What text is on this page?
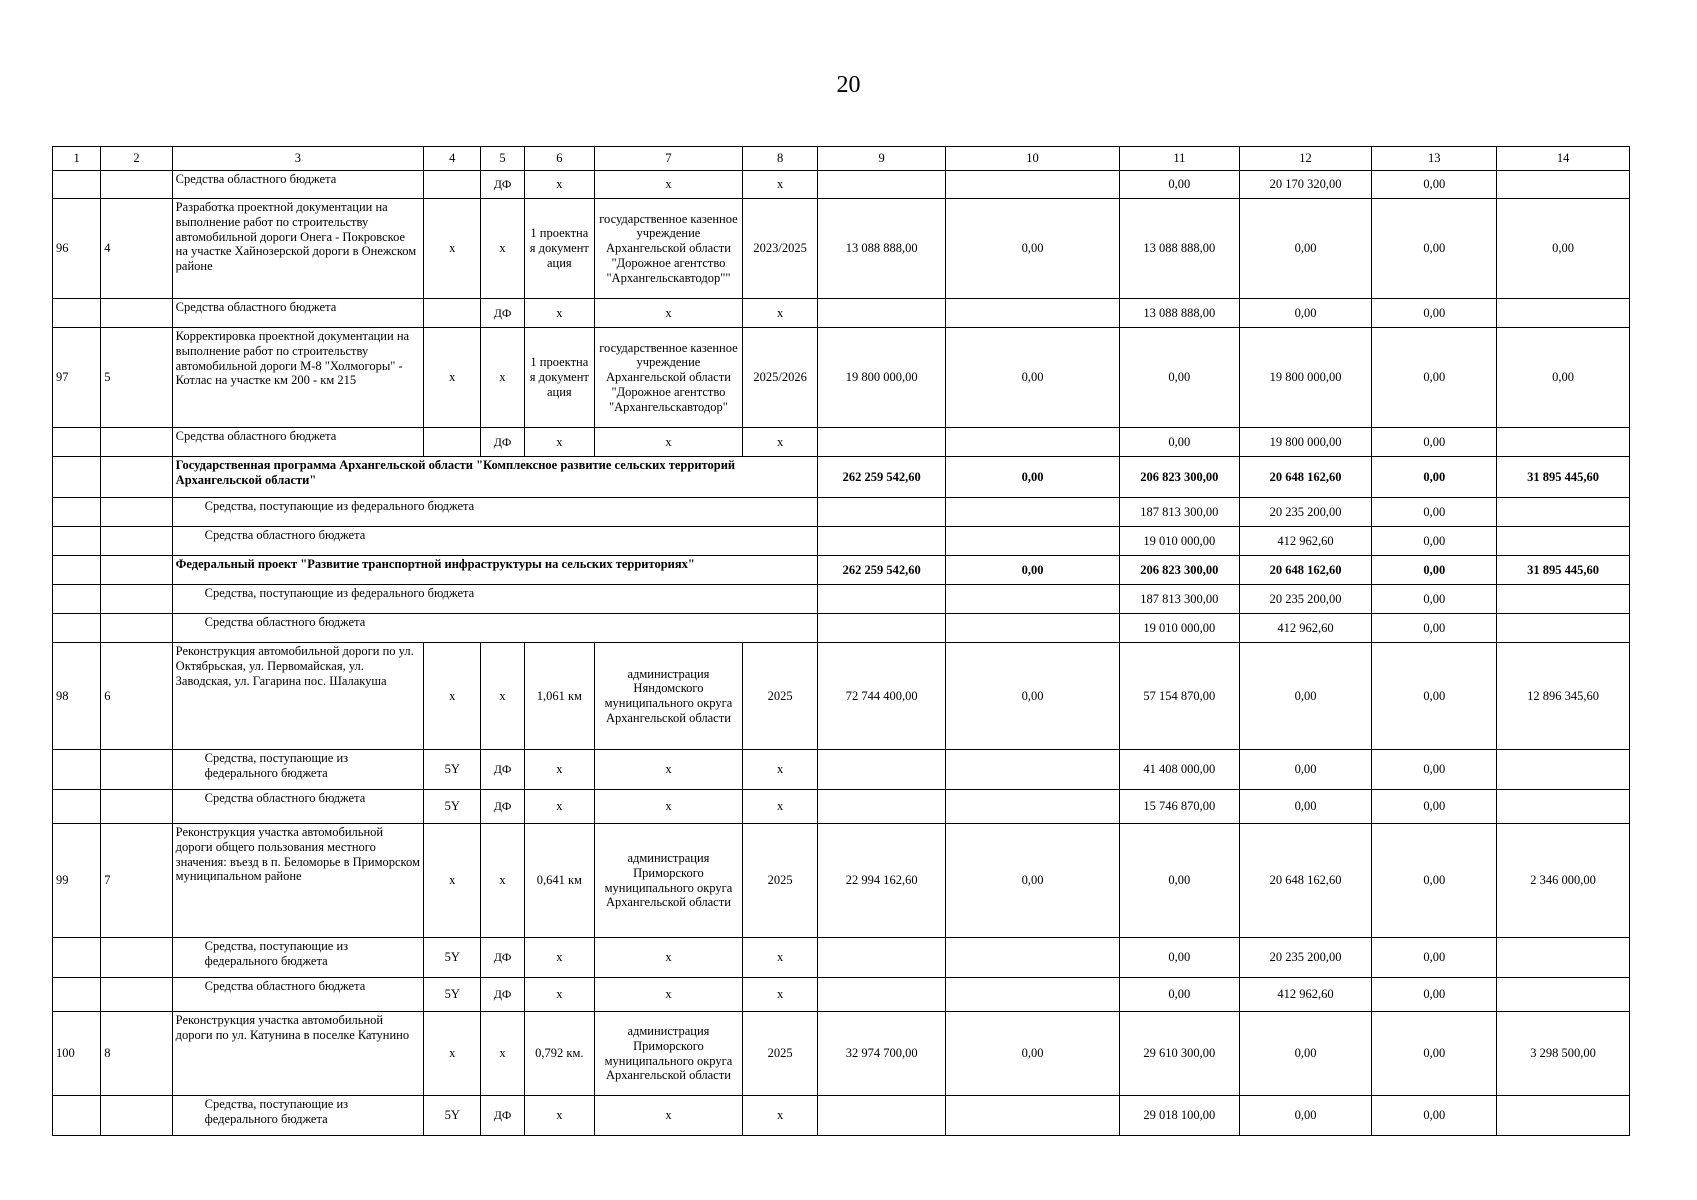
20
1	2	3	4	5	6	7	8	9	10	11	12	13	14
		Средства областного бюджета		ДФ	х	х	х			0,00	20 170 320,00	0,00	
96	4	Разработка проектной документации на выполнение работ по строительству автомобильной дороги Онега - Покровское на участке Хайнозерской дороги в Онежском районе	х	х	1 проектна я документ ация	государственное казенное учреждение Архангельской области "Дорожное агентство "Архангельскавтодор""	2023/2025	13 088 888,00	0,00	13 088 888,00	0,00	0,00	0,00
		Средства областного бюджета		ДФ	х	х	х			13 088 888,00	0,00	0,00	
97	5	Корректировка проектной документации на выполнение работ по строительству автомобильной дороги М-8 "Холмогоры" - Котлас на участке км 200 - км 215	х	х	1 проектна я документ ация	государственное казенное учреждение Архангельской области "Дорожное агентство "Архангельскавтодор"	2025/2026	19 800 000,00	0,00	0,00	19 800 000,00	0,00	0,00
		Средства областного бюджета		ДФ	х	х	х			0,00	19 800 000,00	0,00	
		Государственная программа Архангельской области "Комплексное развитие сельских территорий Архангельской области"						262 259 542,60	0,00	206 823 300,00	20 648 162,60	0,00	31 895 445,60
		Средства, поступающие из федерального бюджета								187 813 300,00	20 235 200,00	0,00	
		Средства областного бюджета								19 010 000,00	412 962,60	0,00	
		Федеральный проект "Развитие транспортной инфраструктуры на сельских территориях"						262 259 542,60	0,00	206 823 300,00	20 648 162,60	0,00	31 895 445,60
		Средства, поступающие из федерального бюджета								187 813 300,00	20 235 200,00	0,00	
		Средства областного бюджета								19 010 000,00	412 962,60	0,00	
98	6	Реконструкция автомобильной дороги по ул. Октябрьская, ул. Первомайская, ул. Заводская, ул. Гагарина пос. Шалакуша	х	х	1,061 км	администрация Няндомского муниципального округа Архангельской области	2025	72 744 400,00	0,00	57 154 870,00	0,00	0,00	12 896 345,60
		Средства, поступающие из федерального бюджета	5Y	ДФ	х	х	х			41 408 000,00	0,00	0,00	
		Средства областного бюджета	5Y	ДФ	х	х	х			15 746 870,00	0,00	0,00	
99	7	Реконструкция участка автомобильной дороги общего пользования местного значения: въезд в п. Беломорье в Приморском муниципальном районе	х	х	0,641 км	администрация Приморского муниципального округа Архангельской области	2025	22 994 162,60	0,00	0,00	20 648 162,60	0,00	2 346 000,00
		Средства, поступающие из федерального бюджета	5Y	ДФ	х	х	х			0,00	20 235 200,00	0,00	
		Средства областного бюджета	5Y	ДФ	х	х	х			0,00	412 962,60	0,00	
100	8	Реконструкция участка автомобильной дороги по ул. Катунина в поселке Катунино	х	х	0,792 км.	администрация Приморского муниципального округа Архангельской области	2025	32 974 700,00	0,00	29 610 300,00	0,00	0,00	3 298 500,00
		Средства, поступающие из федерального бюджета	5Y	ДФ	х	х	х			29 018 100,00	0,00	0,00	
